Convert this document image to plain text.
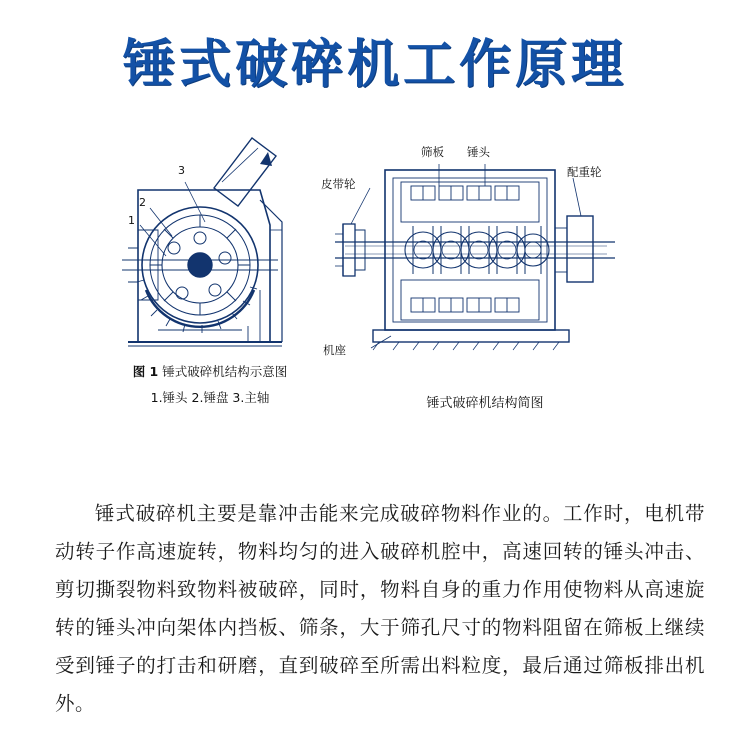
锤式破碎机工作原理
3
2
1
图 1 锤式破碎机结构示意图
1.锤头 2.锤盘 3.主轴
筛板 锤头
皮带轮
配重轮
机座
锤式破碎机结构简图
锤式破碎机主要是靠冲击能来完成破碎物料作业的。工作时，电机带动转子作高速旋转，物料均匀的进入破碎机腔中，高速回转的锤头冲击、剪切撕裂物料致物料被破碎，同时，物料自身的重力作用使物料从高速旋转的锤头冲向架体内挡板、筛条，大于筛孔尺寸的物料阻留在筛板上继续受到锤子的打击和研磨，直到破碎至所需出料粒度，最后通过筛板排出机外。
